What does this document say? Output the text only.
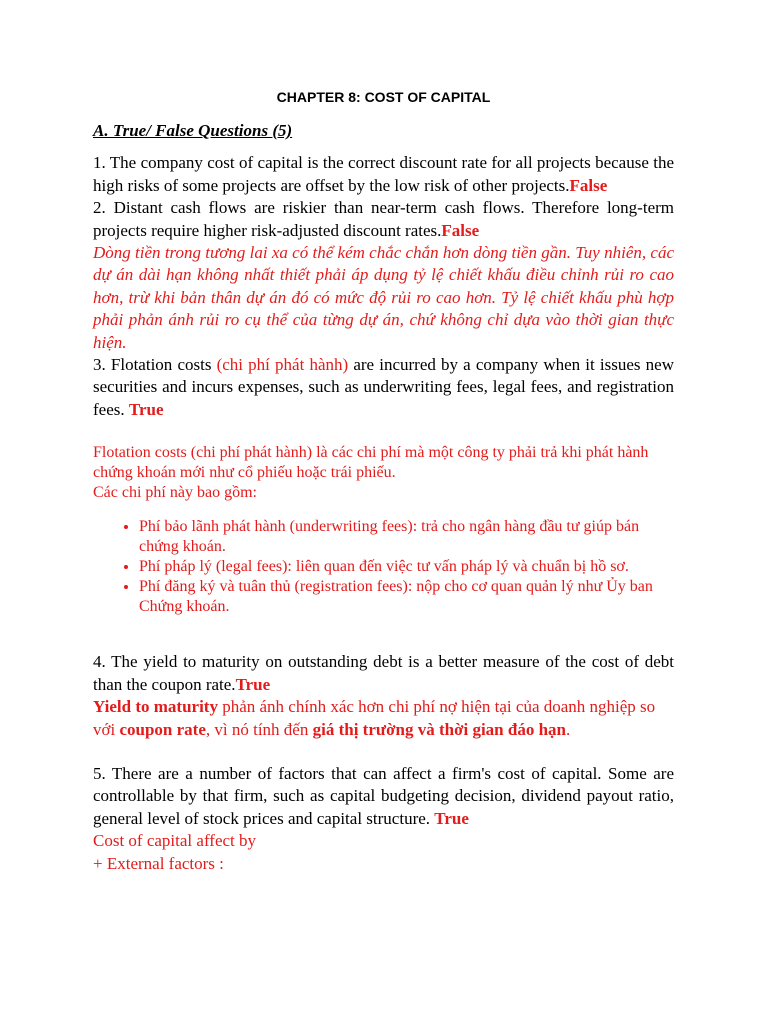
CHAPTER 8: COST OF CAPITAL
A. True/ False Questions (5)

1. The company cost of capital is the correct discount rate for all projects because the high risks of some projects are offset by the low risk of other projects.False

2. Distant cash flows are riskier than near-term cash flows. Therefore long-term projects require higher risk-adjusted discount rates.False

Dòng tiền trong tương lai xa có thể kém chắc chắn hơn dòng tiền gần. Tuy nhiên, các dự án dài hạn không nhất thiết phải áp dụng tỷ lệ chiết khấu điều chỉnh rủi ro cao hơn, trừ khi bản thân dự án đó có mức độ rủi ro cao hơn. Tỷ lệ chiết khấu phù hợp phải phản ánh rủi ro cụ thể của từng dự án, chứ không chỉ dựa vào thời gian thực hiện.

3. Flotation costs (chi phí phát hành) are incurred by a company when it issues new securities and incurs expenses, such as underwriting fees, legal fees, and registration fees. True

Flotation costs (chi phí phát hành) là các chi phí mà một công ty phải trả khi phát hành chứng khoán mới như cổ phiếu hoặc trái phiếu.
Các chi phí này bao gồm:
• Phí bảo lãnh phát hành (underwriting fees): trả cho ngân hàng đầu tư giúp bán chứng khoán.
• Phí pháp lý (legal fees): liên quan đến việc tư vấn pháp lý và chuẩn bị hồ sơ.
• Phí đăng ký và tuân thủ (registration fees): nộp cho cơ quan quản lý như Ủy ban Chứng khoán.

4. The yield to maturity on outstanding debt is a better measure of the cost of debt than the coupon rate.True

Yield to maturity phản ánh chính xác hơn chi phí nợ hiện tại của doanh nghiệp so với coupon rate, vì nó tính đến giá thị trường và thời gian đáo hạn.

5. There are a number of factors that can affect a firm's cost of capital. Some are controllable by that firm, such as capital budgeting decision, dividend payout ratio, general level of stock prices and capital structure. True

Cost of capital affect by

+ External factors :
